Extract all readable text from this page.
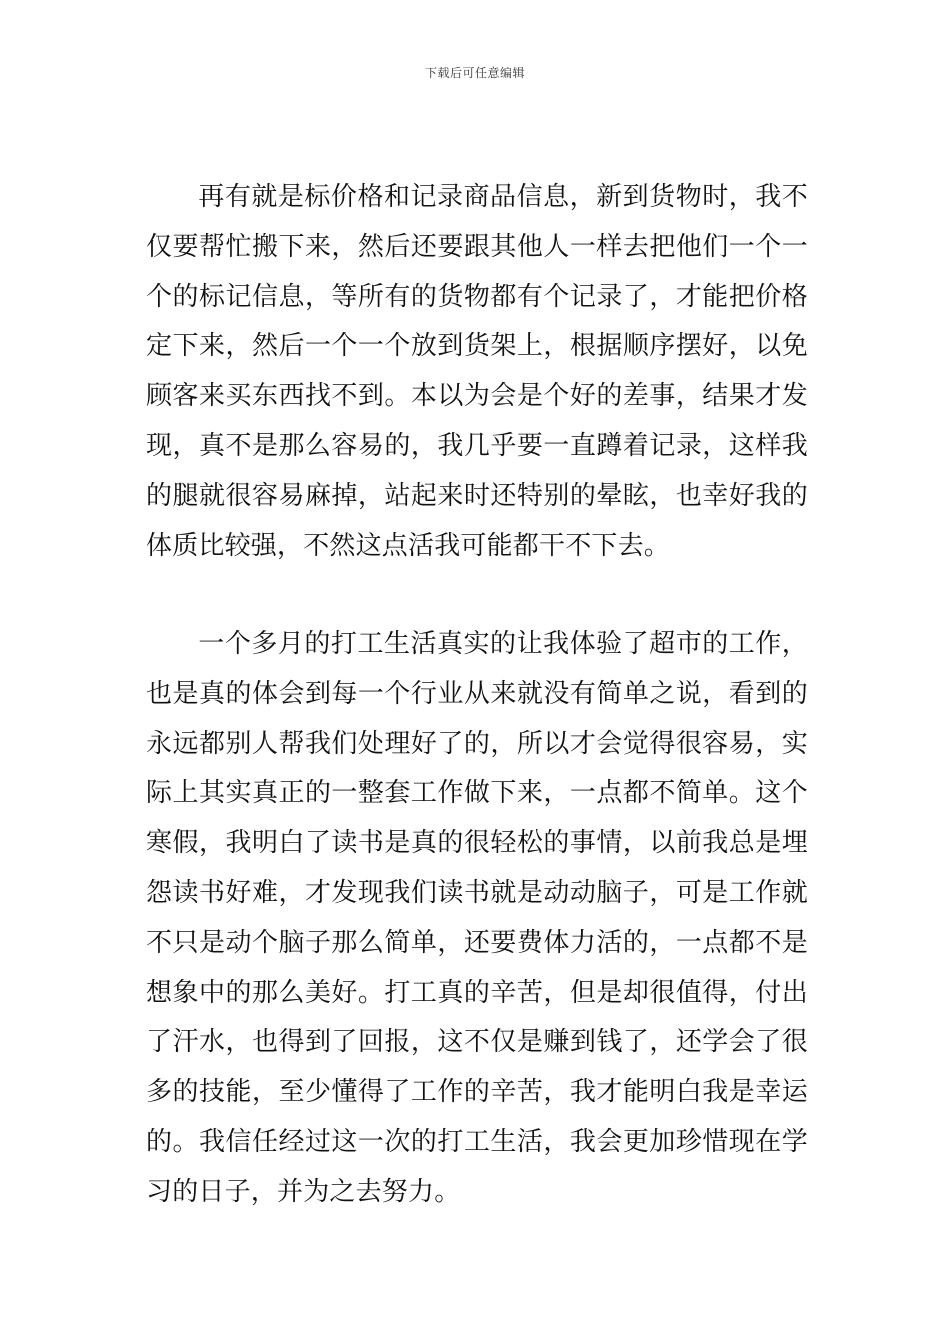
下载后可任意编辑

再有就是标价格和记录商品信息，新到货物时，我不仅要帮忙搬下来，然后还要跟其他人一样去把他们一个一个的标记信息，等所有的货物都有个记录了，才能把价格定下来，然后一个一个放到货架上，根据顺序摆好，以免顾客来买东西找不到。本以为会是个好的差事，结果才发现，真不是那么容易的，我几乎要一直蹲着记录，这样我的腿就很容易麻掉，站起来时还特别的晕眩，也幸好我的体质比较强，不然这点活我可能都干不下去。

一个多月的打工生活真实的让我体验了超市的工作，也是真的体会到每一个行业从来就没有简单之说，看到的永远都别人帮我们处理好了的，所以才会觉得很容易，实际上其实真正的一整套工作做下来，一点都不简单。这个寒假，我明白了读书是真的很轻松的事情，以前我总是埋怨读书好难，才发现我们读书就是动动脑子，可是工作就不只是动个脑子那么简单，还要费体力活的，一点都不是想象中的那么美好。打工真的辛苦，但是却很值得，付出了汗水，也得到了回报，这不仅是赚到钱了，还学会了很多的技能，至少懂得了工作的辛苦，我才能明白我是幸运的。我信任经过这一次的打工生活，我会更加珍惜现在学习的日子，并为之去努力。
